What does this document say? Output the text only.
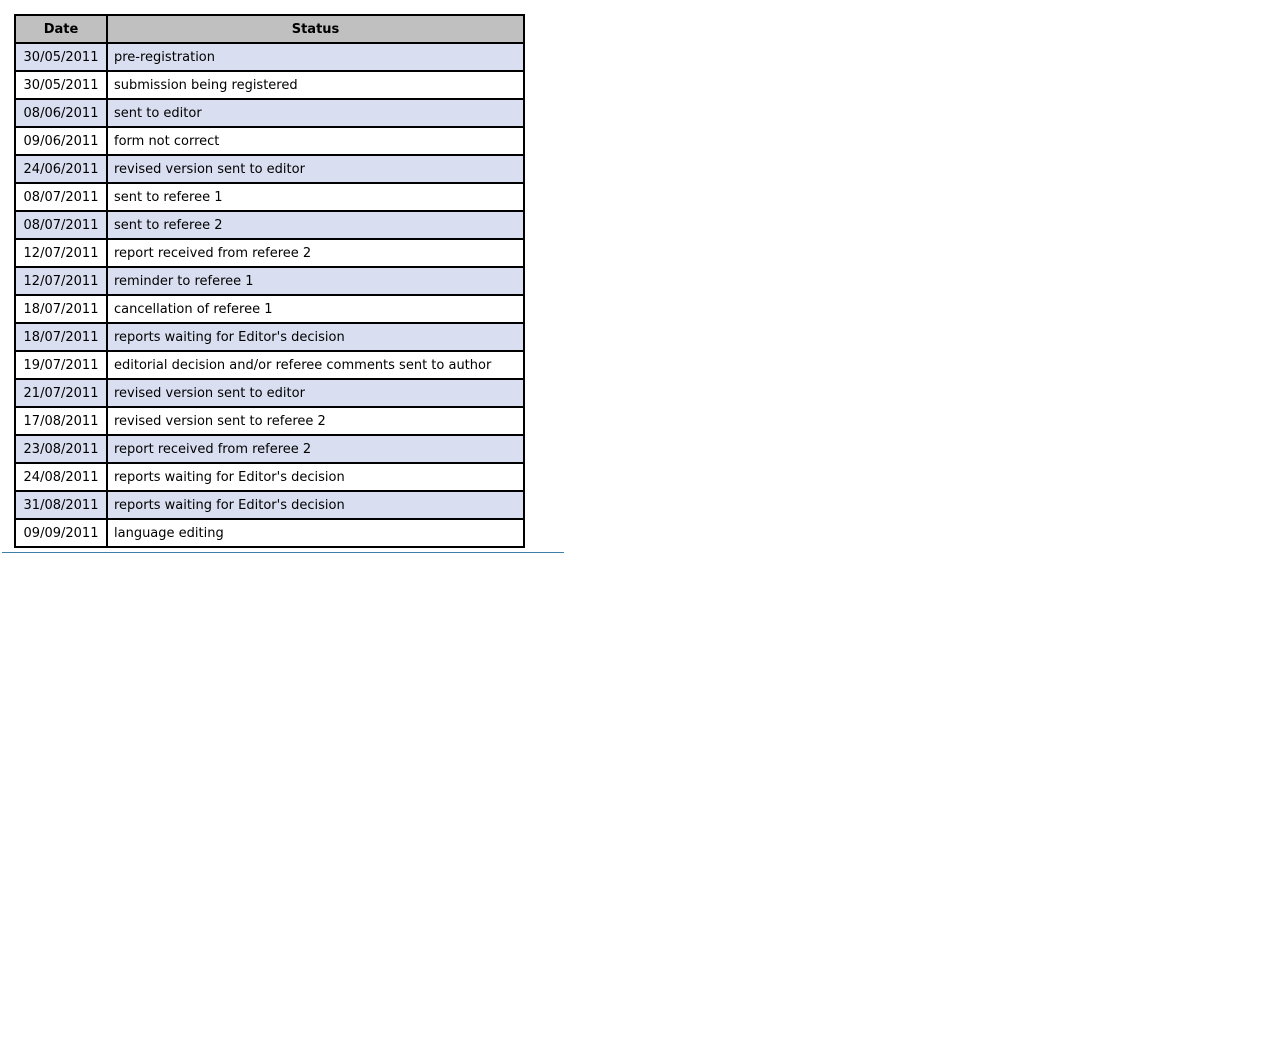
Date	Status
30/05/2011	pre-registration
30/05/2011	submission being registered
08/06/2011	sent to editor
09/06/2011	form not correct
24/06/2011	revised version sent to editor
08/07/2011	sent to referee 1
08/07/2011	sent to referee 2
12/07/2011	report received from referee 2
12/07/2011	reminder to referee 1
18/07/2011	cancellation of referee 1
18/07/2011	reports waiting for Editor's decision
19/07/2011	editorial decision and/or referee comments sent to author
21/07/2011	revised version sent to editor
17/08/2011	revised version sent to referee 2
23/08/2011	report received from referee 2
24/08/2011	reports waiting for Editor's decision
31/08/2011	reports waiting for Editor's decision
09/09/2011	language editing
